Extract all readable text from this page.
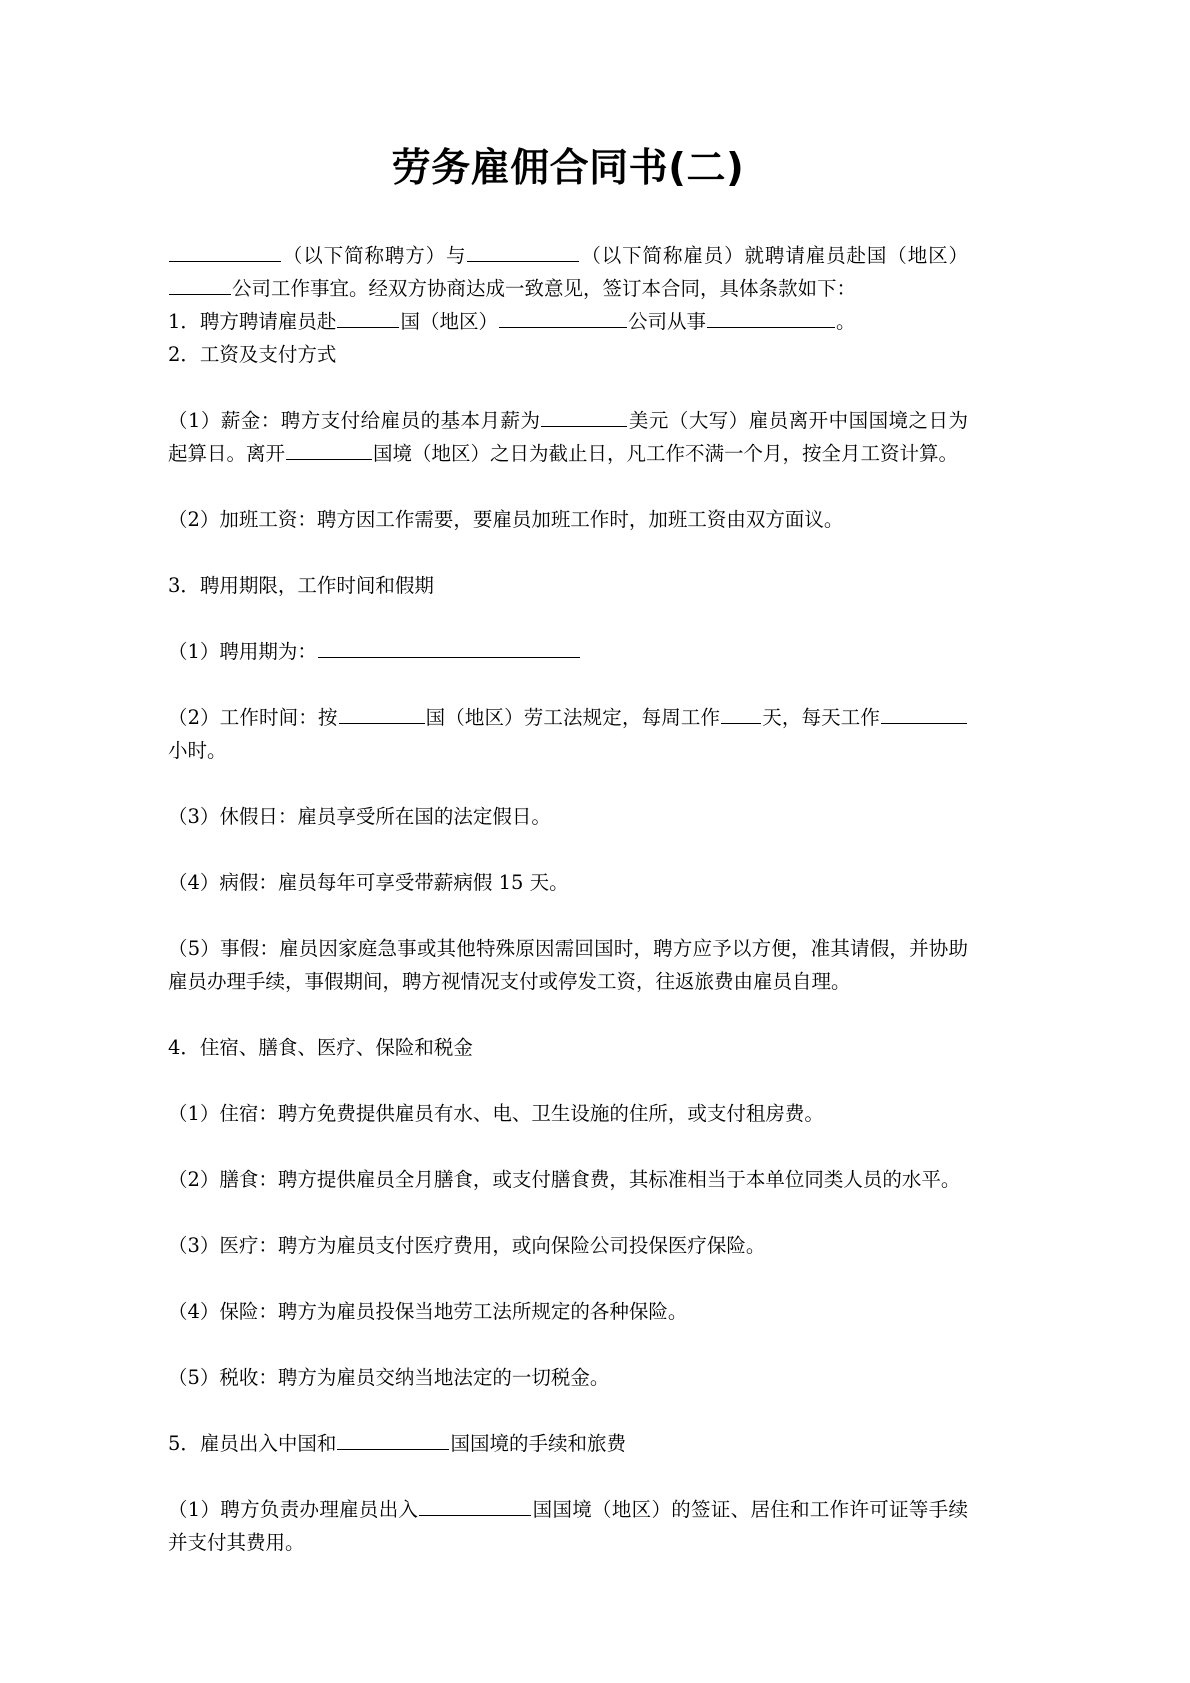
劳务雇佣合同书(二)

（以下简称聘方）与	（以下简称雇员）就聘请雇员赴国（地区）公司工作事宜。经双方协商达成一致意见，签订本合同，具体条款如下：

1．聘方聘请雇员赴	国（地区）	公司从事	。

2．工资及支付方式

（1）薪金：聘方支付给雇员的基本月薪为	美元（大写）雇员离开中国国境之日为起算日。离开	国境（地区）之日为截止日，凡工作不满一个月，按全月工资计算。

（2）加班工资：聘方因工作需要，要雇员加班工作时，加班工资由双方面议。

3．聘用期限，工作时间和假期

（1）聘用期为：

（2）工作时间：按	国（地区）劳工法规定，每周工作 天，每天工作小时。

（3）休假日：雇员享受所在国的法定假日。

（4）病假：雇员每年可享受带薪病假 15 天。

（5）事假：雇员因家庭急事或其他特殊原因需回国时，聘方应予以方便，准其请假，并协助雇员办理手续，事假期间，聘方视情况支付或停发工资，往返旅费由雇员自理。

4．住宿、膳食、医疗、保险和税金

（1）住宿：聘方免费提供雇员有水、电、卫生设施的住所，或支付租房费。

（2）膳食：聘方提供雇员全月膳食，或支付膳食费，其标准相当于本单位同类人员的水平。

（3）医疗：聘方为雇员支付医疗费用，或向保险公司投保医疗保险。

（4）保险：聘方为雇员投保当地劳工法所规定的各种保险。

（5）税收：聘方为雇员交纳当地法定的一切税金。

5．雇员出入中国和	国国境的手续和旅费

（1）聘方负责办理雇员出入	国国境（地区）的签证、居住和工作许可证等手续并支付其费用。
